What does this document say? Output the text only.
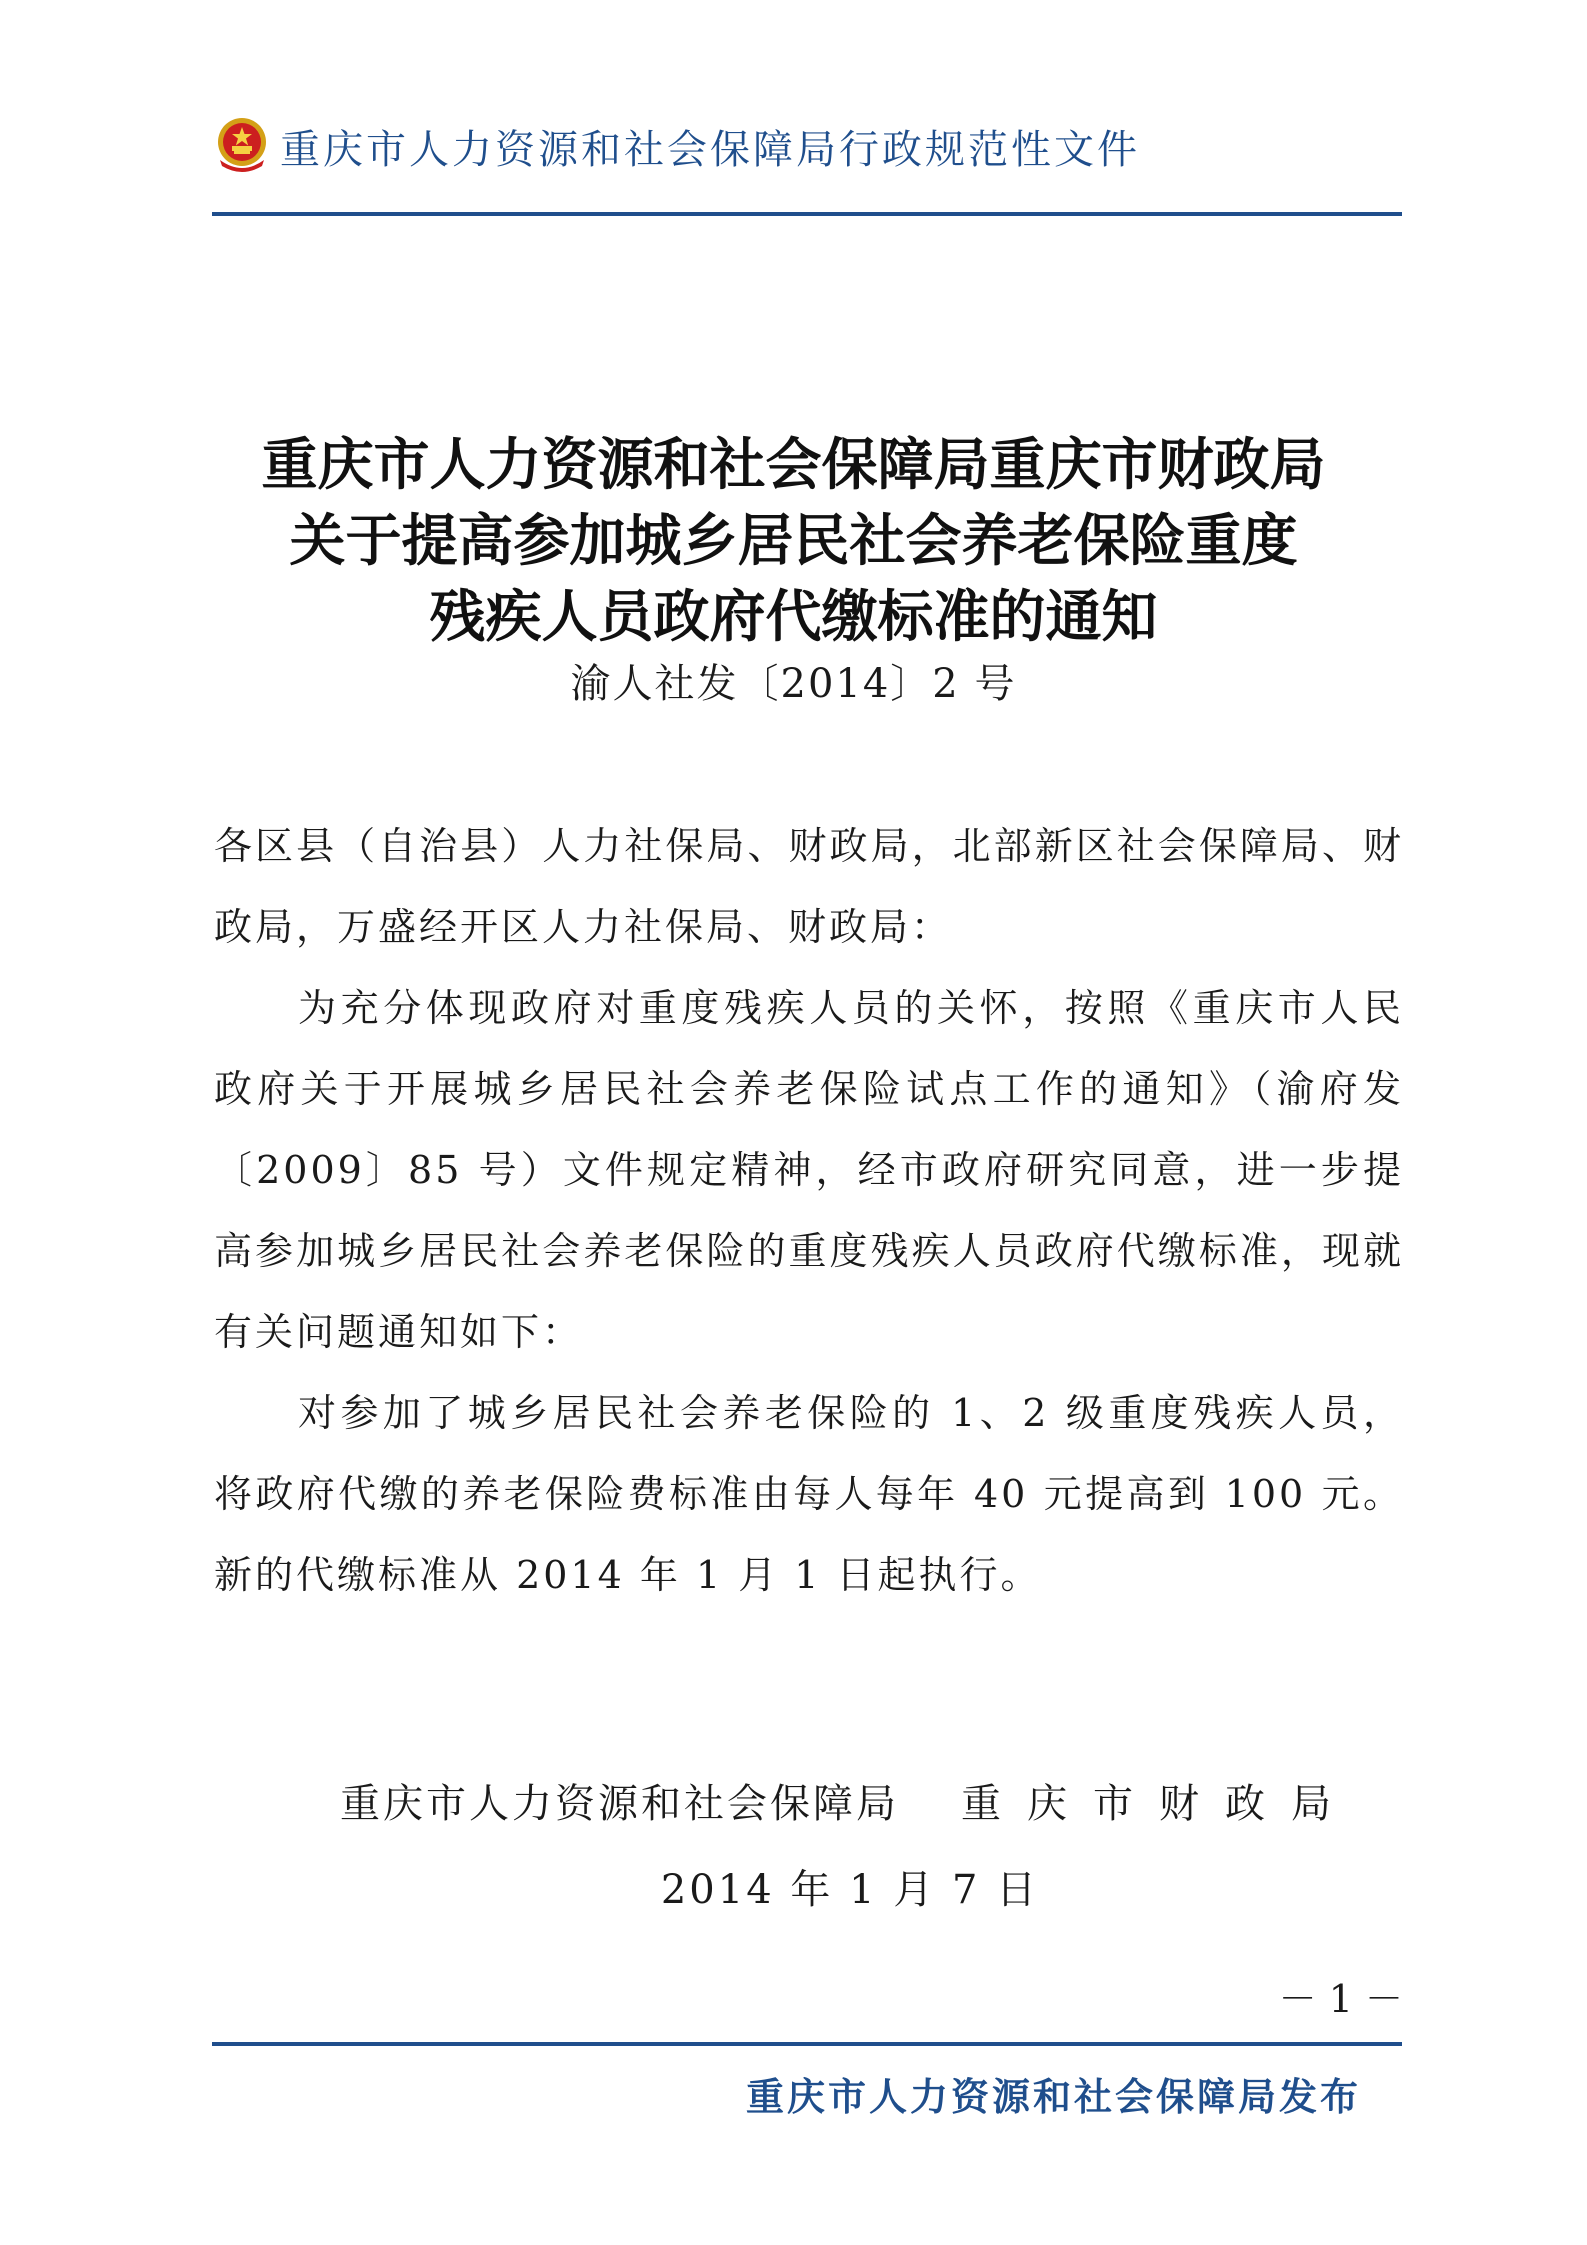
重庆市人力资源和社会保障局行政规范性文件
重庆市人力资源和社会保障局重庆市财政局
关于提高参加城乡居民社会养老保险重度
残疾人员政府代缴标准的通知
渝人社发〔2014〕2 号

各区县（自治县）人力社保局、财政局，北部新区社会保障局、财政局，万盛经开区人力社保局、财政局：

为充分体现政府对重度残疾人员的关怀，按照《重庆市人民政府关于开展城乡居民社会养老保险试点工作的通知》（渝府发〔2009〕85 号）文件规定精神，经市政府研究同意，进一步提高参加城乡居民社会养老保险的重度残疾人员政府代缴标准，现就有关问题通知如下：

对参加了城乡居民社会养老保险的 1、2 级重度残疾人员，将政府代缴的养老保险费标准由每人每年 40 元提高到 100 元。新的代缴标准从 2014 年 1 月 1 日起执行。

重庆市人力资源和社会保障局 重庆市财政局
2014 年 1 月 7 日
－ 1 －
重庆市人力资源和社会保障局发布
